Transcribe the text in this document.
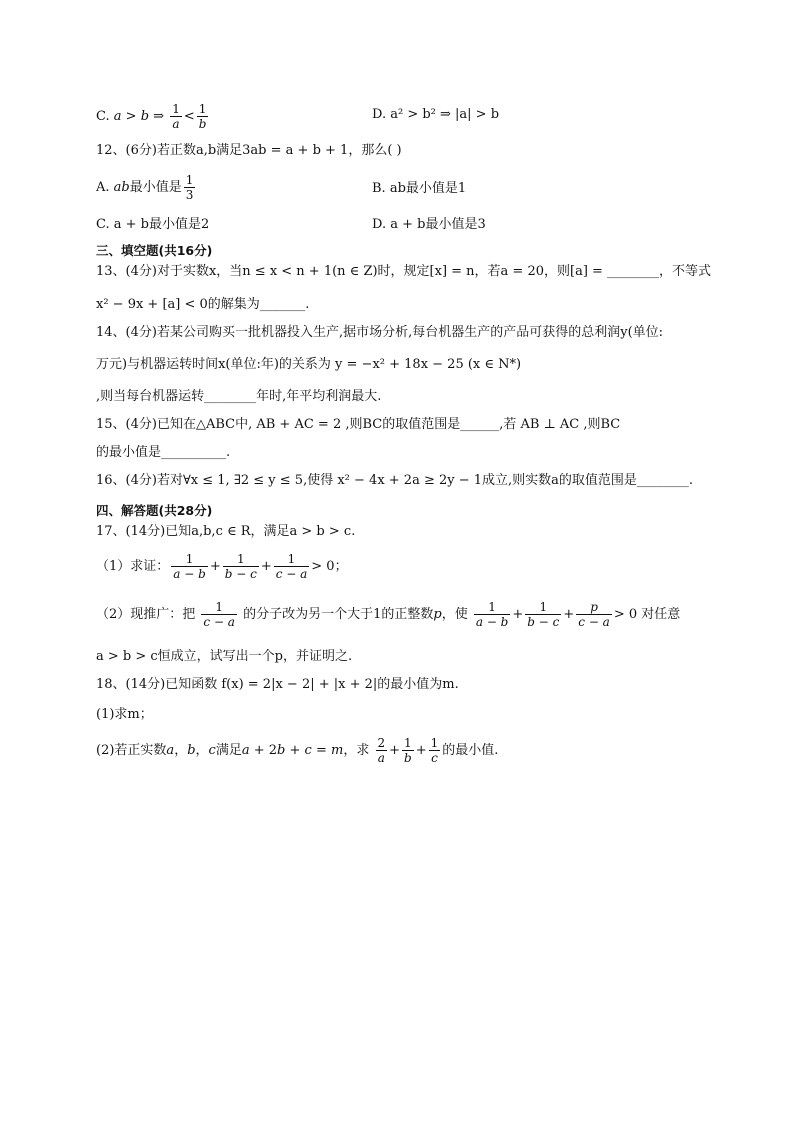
C. a > b ⇒ $\frac{1}{a} < \frac{1}{b}$	D. a² > b² ⇒ |a| > b
12、(6分)若正数a,b满足3ab = a + b + 1，那么( )
A. ab最小值是 $\frac{1}{3}$	B. ab最小值是1
C. a + b最小值是2	D. a + b最小值是3
三、填空题(共16分)
13、(4分)对于实数x，当n ≤ x < n + 1(n ∈ Z)时，规定[x] = n，若a = 20，则[a] = ________，不等式
x² − 9x + [a] < 0的解集为_______.
14、(4分)若某公司购买一批机器投入生产,据市场分析,每台机器生产的产品可获得的总利润y(单位:
万元)与机器运转时间x(单位:年)的关系为 y = −x² + 18x − 25 (x ∈ N*)
,则当每台机器运转________年时,年平均利润最大.
15、(4分)已知在△ABC中, AB + AC = 2 ,则BC的取值范围是______,若 AB ⊥ AC ,则BC
的最小值是__________.
16、(4分)若对∀x ≤ 1, ∃2 ≤ y ≤ 5,使得 x² − 4x + 2a ≥ 2y − 1成立,则实数a的取值范围是________.
四、解答题(共28分)
17、(14分)已知a,b,c ∈ R，满足a > b > c.
（1）求证： $\frac{1}{a - b} + \frac{1}{b - c} + \frac{1}{c - a} > 0$；
（2）现推广：把 $\frac{1}{c - a}$ 的分子改为另一个大于1的正整数p，使 $\frac{1}{a - b} + \frac{1}{b - c} + \frac{p}{c - a} > 0$ 对任意
a > b > c恒成立，试写出一个p，并证明之.
18、(14分)已知函数 f(x) = 2|x − 2| + |x + 2|的最小值为m.
(1)求m；
(2)若正实数a，b，c满足a + 2b + c = m，求 $\frac{2}{a} + \frac{1}{b} + \frac{1}{c}$ 的最小值.
